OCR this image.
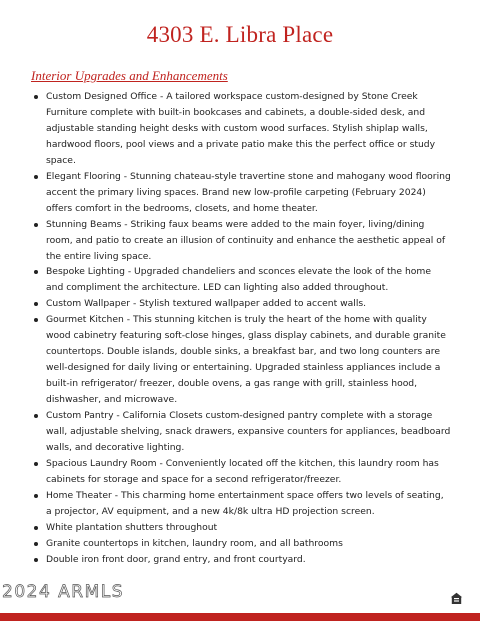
4303 E. Libra Place
Interior Upgrades and Enhancements
Custom Designed Office - A tailored workspace custom-designed by Stone Creek Furniture complete with built-in bookcases and cabinets, a double-sided desk, and adjustable standing height desks with custom wood surfaces. Stylish shiplap walls, hardwood floors, pool views and a private patio make this the perfect office or study space.
Elegant Flooring - Stunning chateau-style travertine stone and mahogany wood flooring accent the primary living spaces. Brand new low-profile carpeting (February 2024) offers comfort in the bedrooms, closets, and home theater.
Stunning Beams - Striking faux beams were added to the main foyer, living/dining room, and patio to create an illusion of continuity and enhance the aesthetic appeal of the entire living space.
Bespoke Lighting - Upgraded chandeliers and sconces elevate the look of the home and compliment the architecture. LED can lighting also added throughout.
Custom Wallpaper - Stylish textured wallpaper added to accent walls.
Gourmet Kitchen - This stunning kitchen is truly the heart of the home with quality wood cabinetry featuring soft-close hinges, glass display cabinets, and durable granite countertops. Double islands, double sinks, a breakfast bar, and two long counters are well-designed for daily living or entertaining. Upgraded stainless appliances include a built-in refrigerator/ freezer, double ovens, a gas range with grill, stainless hood, dishwasher, and microwave.
Custom Pantry - California Closets custom-designed pantry complete with a storage wall, adjustable shelving, snack drawers, expansive counters for appliances, beadboard walls, and decorative lighting.
Spacious Laundry Room - Conveniently located off the kitchen, this laundry room has cabinets for storage and space for a second refrigerator/freezer.
Home Theater - This charming home entertainment space offers two levels of seating, a projector, AV equipment, and a new 4k/8k ultra HD projection screen.
White plantation shutters throughout
Granite countertops in kitchen, laundry room, and all bathrooms
Double iron front door, grand entry, and front courtyard.
2024 ARMLS
